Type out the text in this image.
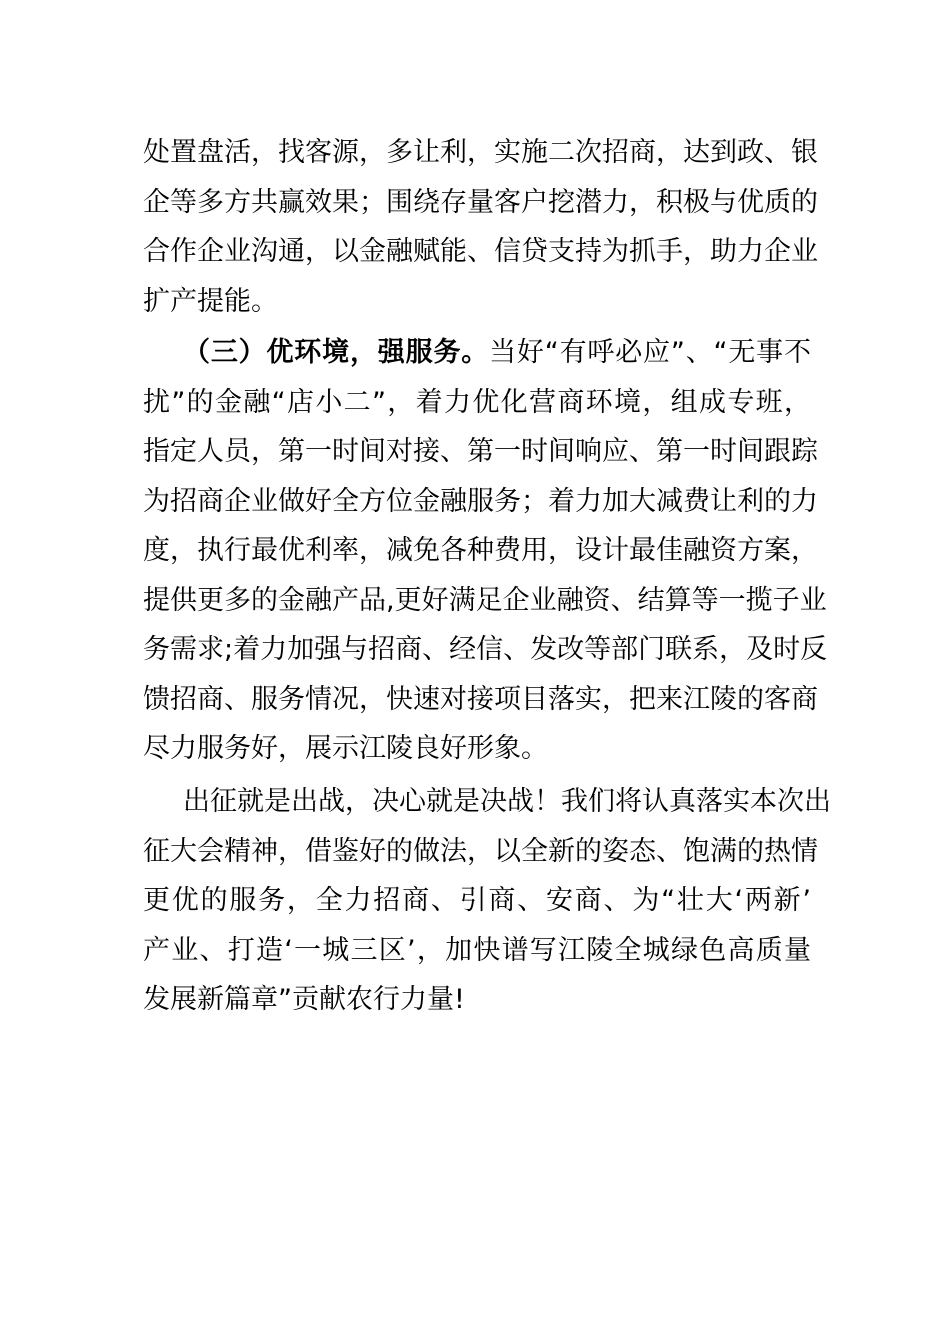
处置盘活，找客源，多让利，实施二次招商，达到政、银
企等多方共赢效果；围绕存量客户挖潜力，积极与优质的
合作企业沟通，以金融赋能、信贷支持为抓手，助力企业
扩产提能。
（三）优环境，强服务。当好“有呼必应”、“无事不
扰”的金融“店小二”，着力优化营商环境，组成专班，
指定人员，第一时间对接、第一时间响应、第一时间跟踪
为招商企业做好全方位金融服务；着力加大减费让利的力
度，执行最优利率，减免各种费用，设计最佳融资方案，
提供更多的金融产品,更好满足企业融资、结算等一揽子业
务需求;着力加强与招商、经信、发改等部门联系，及时反
馈招商、服务情况，快速对接项目落实，把来江陵的客商
尽力服务好，展示江陵良好形象。
出征就是出战，决心就是决战！我们将认真落实本次出
征大会精神，借鉴好的做法，以全新的姿态、饱满的热情
更优的服务，全力招商、引商、安商、为“壮大‘两新’
产业、打造‘一城三区’，加快谱写江陵全城绿色高质量
发展新篇章”贡献农行力量!
